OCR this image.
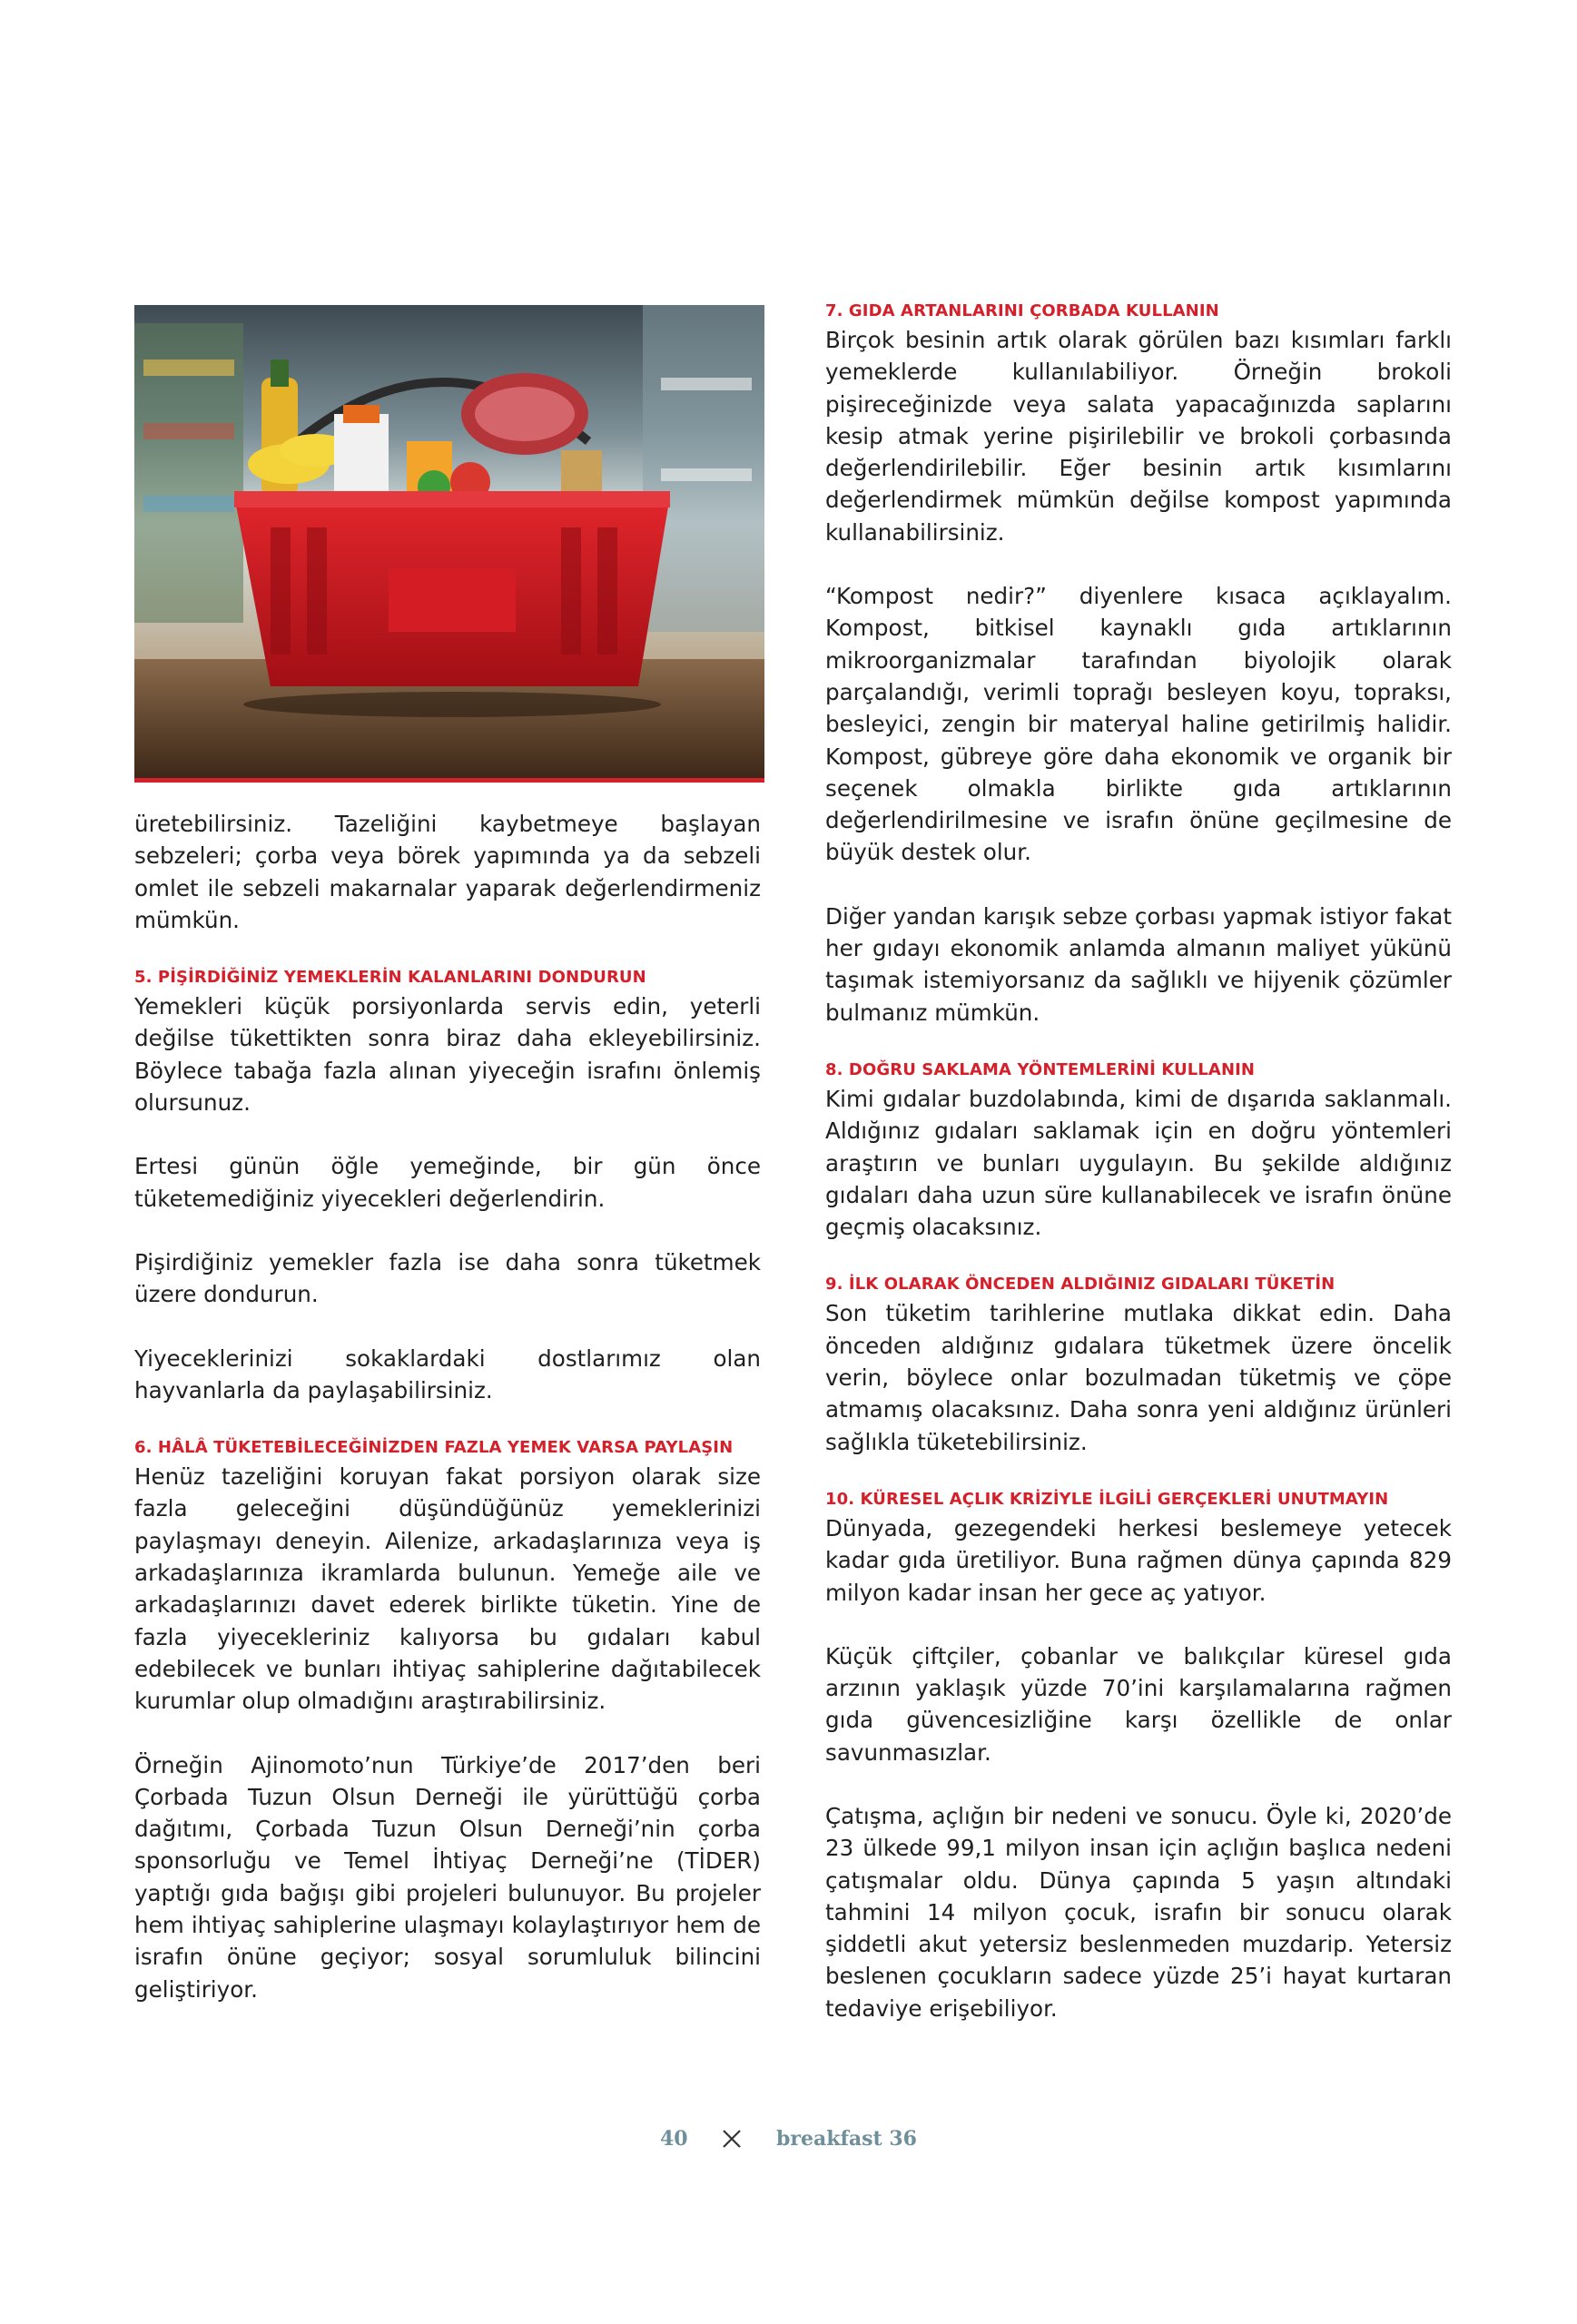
üretebilirsiniz. Tazeliğini kaybetmeye başlayan sebzeleri; çorba veya börek yapımında ya da sebzeli omlet ile sebzeli makarnalar yaparak değerlendirmeniz mümkün.

5. PİŞİRDİĞİNİZ YEMEKLERİN KALANLARINI DONDURUN

Yemekleri küçük porsiyonlarda servis edin, yeterli değilse tükettikten sonra biraz daha ekleyebilirsiniz. Böylece tabağa fazla alınan yiyeceğin israfını önlemiş olursunuz.

Ertesi günün öğle yemeğinde, bir gün önce tüketemediğiniz yiyecekleri değerlendirin.

Pişirdiğiniz yemekler fazla ise daha sonra tüketmek üzere dondurun.

Yiyeceklerinizi sokaklardaki dostlarımız olan hayvanlarla da paylaşabilirsiniz.

6. HÂLÂ TÜKETEBİLECEĞİNİZDEN FAZLA YEMEK VARSA PAYLAŞIN

Henüz tazeliğini koruyan fakat porsiyon olarak size fazla geleceğini düşündüğünüz yemeklerinizi paylaşmayı deneyin. Ailenize, arkadaşlarınıza veya iş arkadaşlarınıza ikramlarda bulunun. Yemeğe aile ve arkadaşlarınızı davet ederek birlikte tüketin. Yine de fazla yiyecekleriniz kalıyorsa bu gıdaları kabul edebilecek ve bunları ihtiyaç sahiplerine dağıtabilecek kurumlar olup olmadığını araştırabilirsiniz.

Örneğin Ajinomoto’nun Türkiye’de 2017’den beri Çorbada Tuzun Olsun Derneği ile yürüttüğü çorba dağıtımı, Çorbada Tuzun Olsun Derneği’nin çorba sponsorluğu ve Temel İhtiyaç Derneği’ne (TİDER) yaptığı gıda bağışı gibi projeleri bulunuyor. Bu projeler hem ihtiyaç sahiplerine ulaşmayı kolaylaştırıyor hem de israfın önüne geçiyor; sosyal sorumluluk bilincini geliştiriyor.

7. GIDA ARTANLARINI ÇORBADA KULLANIN

Birçok besinin artık olarak görülen bazı kısımları farklı yemeklerde kullanılabiliyor. Örneğin brokoli pişireceğinizde veya salata yapacağınızda saplarını kesip atmak yerine pişirilebilir ve brokoli çorbasında değerlendirilebilir. Eğer besinin artık kısımlarını değerlendirmek mümkün değilse kompost yapımında kullanabilirsiniz.

“Kompost nedir?” diyenlere kısaca açıklayalım. Kompost, bitkisel kaynaklı gıda artıklarının mikroorganizmalar tarafından biyolojik olarak parçalandığı, verimli toprağı besleyen koyu, topraksı, besleyici, zengin bir materyal haline getirilmiş halidir. Kompost, gübreye göre daha ekonomik ve organik bir seçenek olmakla birlikte gıda artıklarının değerlendirilmesine ve israfın önüne geçilmesine de büyük destek olur.

Diğer yandan karışık sebze çorbası yapmak istiyor fakat her gıdayı ekonomik anlamda almanın maliyet yükünü taşımak istemiyorsanız da sağlıklı ve hijyenik çözümler bulmanız mümkün.

8. DOĞRU SAKLAMA YÖNTEMLERİNİ KULLANIN

Kimi gıdalar buzdolabında, kimi de dışarıda saklanmalı. Aldığınız gıdaları saklamak için en doğru yöntemleri araştırın ve bunları uygulayın. Bu şekilde aldığınız gıdaları daha uzun süre kullanabilecek ve israfın önüne geçmiş olacaksınız.

9. İLK OLARAK ÖNCEDEN ALDIĞINIZ GIDALARI TÜKETİN

Son tüketim tarihlerine mutlaka dikkat edin. Daha önceden aldığınız gıdalara tüketmek üzere öncelik verin, böylece onlar bozulmadan tüketmiş ve çöpe atmamış olacaksınız. Daha sonra yeni aldığınız ürünleri sağlıkla tüketebilirsiniz.

10. KÜRESEL AÇLIK KRİZİYLE İLGİLİ GERÇEKLERİ UNUTMAYIN

Dünyada, gezegendeki herkesi beslemeye yetecek kadar gıda üretiliyor. Buna rağmen dünya çapında 829 milyon kadar insan her gece aç yatıyor.

Küçük çiftçiler, çobanlar ve balıkçılar küresel gıda arzının yaklaşık yüzde 70’ini karşılamalarına rağmen gıda güvencesizliğine karşı özellikle de onlar savunmasızlar.

Çatışma, açlığın bir nedeni ve sonucu. Öyle ki, 2020’de 23 ülkede 99,1 milyon insan için açlığın başlıca nedeni çatışmalar oldu. Dünya çapında 5 yaşın altındaki tahmini 14 milyon çocuk, israfın bir sonucu olarak şiddetli akut yetersiz beslenmeden muzdarip. Yetersiz beslenen çocukların sadece yüzde 25’i hayat kurtaran tedaviye erişebiliyor.

40	breakfast 36
